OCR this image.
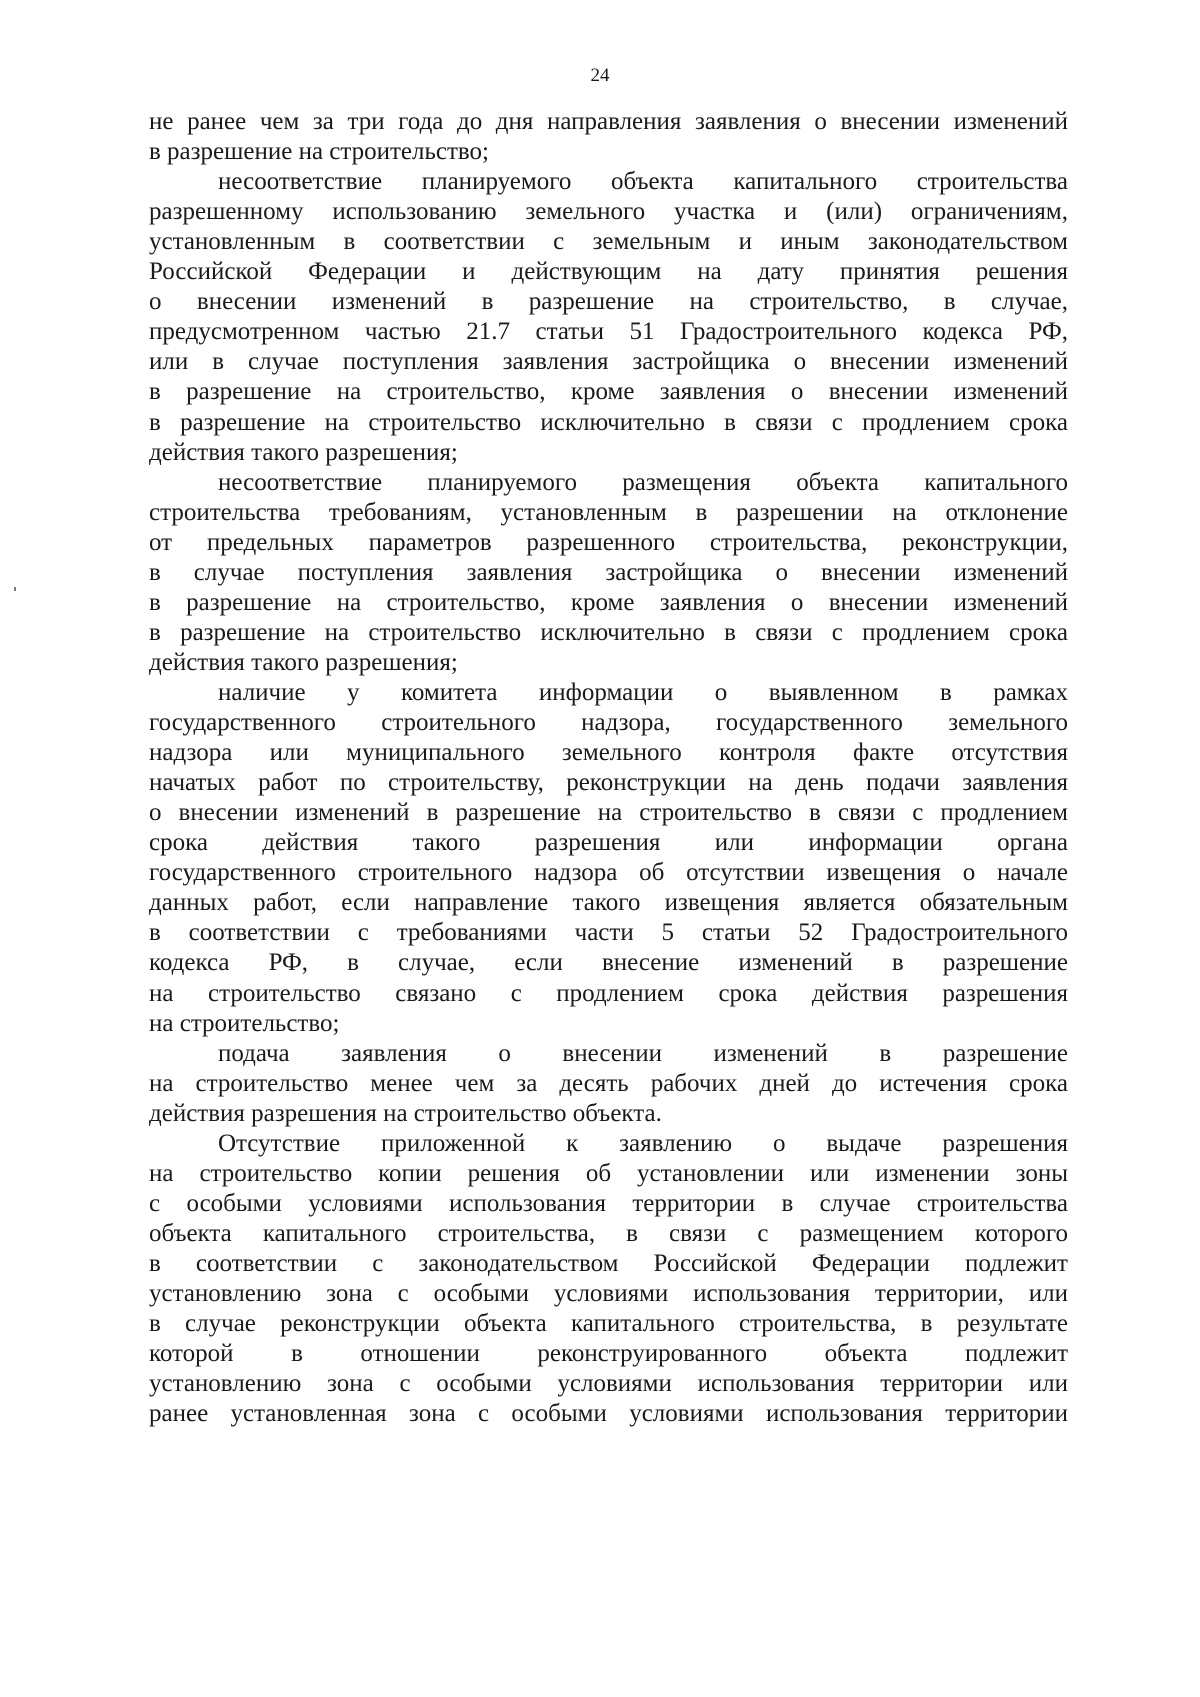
24
не ранее чем за три года до дня направления заявления о внесении изменений
в разрешение на строительство;
несоответствие планируемого объекта капитального строительства
разрешенному использованию земельного участка и (или) ограничениям,
установленным в соответствии с земельным и иным законодательством
Российской Федерации и действующим на дату принятия решения
о внесении изменений в разрешение на строительство, в случае,
предусмотренном частью 21.7 статьи 51 Градостроительного кодекса РФ,
или в случае поступления заявления застройщика о внесении изменений
в разрешение на строительство, кроме заявления о внесении изменений
в разрешение на строительство исключительно в связи с продлением срока
действия такого разрешения;
несоответствие планируемого размещения объекта капитального
строительства требованиям, установленным в разрешении на отклонение
от предельных параметров разрешенного строительства, реконструкции,
в случае поступления заявления застройщика о внесении изменений
в разрешение на строительство, кроме заявления о внесении изменений
в разрешение на строительство исключительно в связи с продлением срока
действия такого разрешения;
наличие у комитета информации о выявленном в рамках
государственного строительного надзора, государственного земельного
надзора или муниципального земельного контроля факте отсутствия
начатых работ по строительству, реконструкции на день подачи заявления
о внесении изменений в разрешение на строительство в связи с продлением
срока действия такого разрешения или информации органа
государственного строительного надзора об отсутствии извещения о начале
данных работ, если направление такого извещения является обязательным
в соответствии с требованиями части 5 статьи 52 Градостроительного
кодекса РФ, в случае, если внесение изменений в разрешение
на строительство связано с продлением срока действия разрешения
на строительство;
подача заявления о внесении изменений в разрешение
на строительство менее чем за десять рабочих дней до истечения срока
действия разрешения на строительство объекта.
Отсутствие приложенной к заявлению о выдаче разрешения
на строительство копии решения об установлении или изменении зоны
с особыми условиями использования территории в случае строительства
объекта капитального строительства, в связи с размещением которого
в соответствии с законодательством Российской Федерации подлежит
установлению зона с особыми условиями использования территории, или
в случае реконструкции объекта капитального строительства, в результате
которой в отношении реконструированного объекта подлежит
установлению зона с особыми условиями использования территории или
ранее установленная зона с особыми условиями использования территории
